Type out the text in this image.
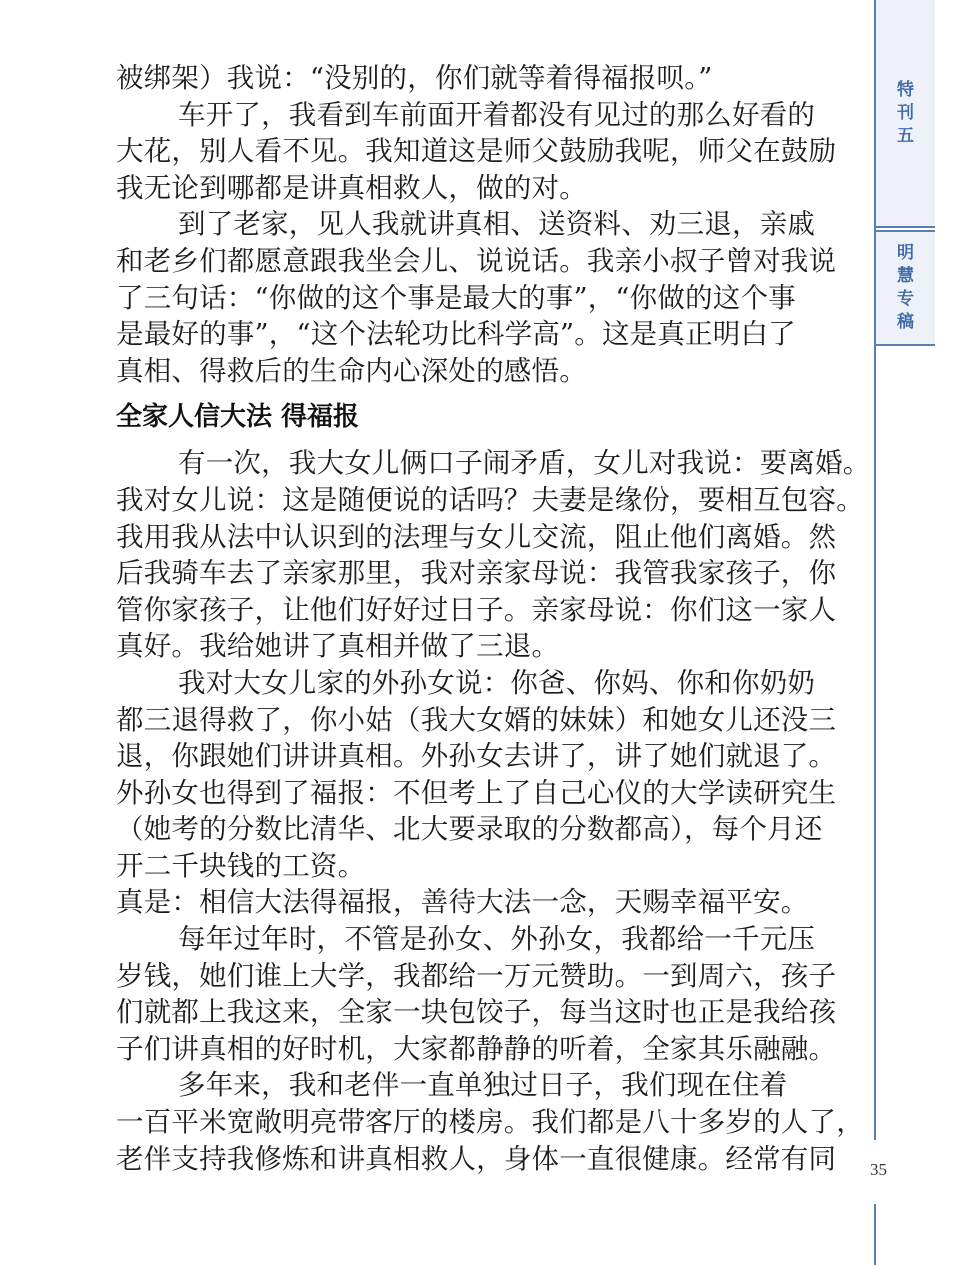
特
刊
五
明
慧
专
稿
被绑架）我说：“没别的，你们就等着得福报呗。”
车开了，我看到车前面开着都没有见过的那么好看的
大花，别人看不见。我知道这是师父鼓励我呢，师父在鼓励
我无论到哪都是讲真相救人，做的对。
到了老家，见人我就讲真相、送资料、劝三退，亲戚
和老乡们都愿意跟我坐会儿、说说话。我亲小叔子曾对我说
了三句话：“你做的这个事是最大的事”，“你做的这个事
是最好的事”，“这个法轮功比科学高”。这是真正明白了
真相、得救后的生命内心深处的感悟。
全家人信大法 得福报
有一次，我大女儿俩口子闹矛盾，女儿对我说：要离婚。
我对女儿说：这是随便说的话吗？夫妻是缘份，要相互包容。
我用我从法中认识到的法理与女儿交流，阻止他们离婚。然
后我骑车去了亲家那里，我对亲家母说：我管我家孩子，你
管你家孩子，让他们好好过日子。亲家母说：你们这一家人
真好。我给她讲了真相并做了三退。
我对大女儿家的外孙女说：你爸、你妈、你和你奶奶
都三退得救了，你小姑（我大女婿的妹妹）和她女儿还没三
退，你跟她们讲讲真相。外孙女去讲了，讲了她们就退了。
外孙女也得到了福报：不但考上了自己心仪的大学读研究生
（她考的分数比清华、北大要录取的分数都高），每个月还
开二千块钱的工资。
真是：相信大法得福报，善待大法一念，天赐幸福平安。
每年过年时，不管是孙女、外孙女，我都给一千元压
岁钱，她们谁上大学，我都给一万元赞助。一到周六，孩子
们就都上我这来，全家一块包饺子，每当这时也正是我给孩
子们讲真相的好时机，大家都静静的听着，全家其乐融融。
多年来，我和老伴一直单独过日子，我们现在住着
一百平米宽敞明亮带客厅的楼房。我们都是八十多岁的人了，
老伴支持我修炼和讲真相救人，身体一直很健康。经常有同	35
